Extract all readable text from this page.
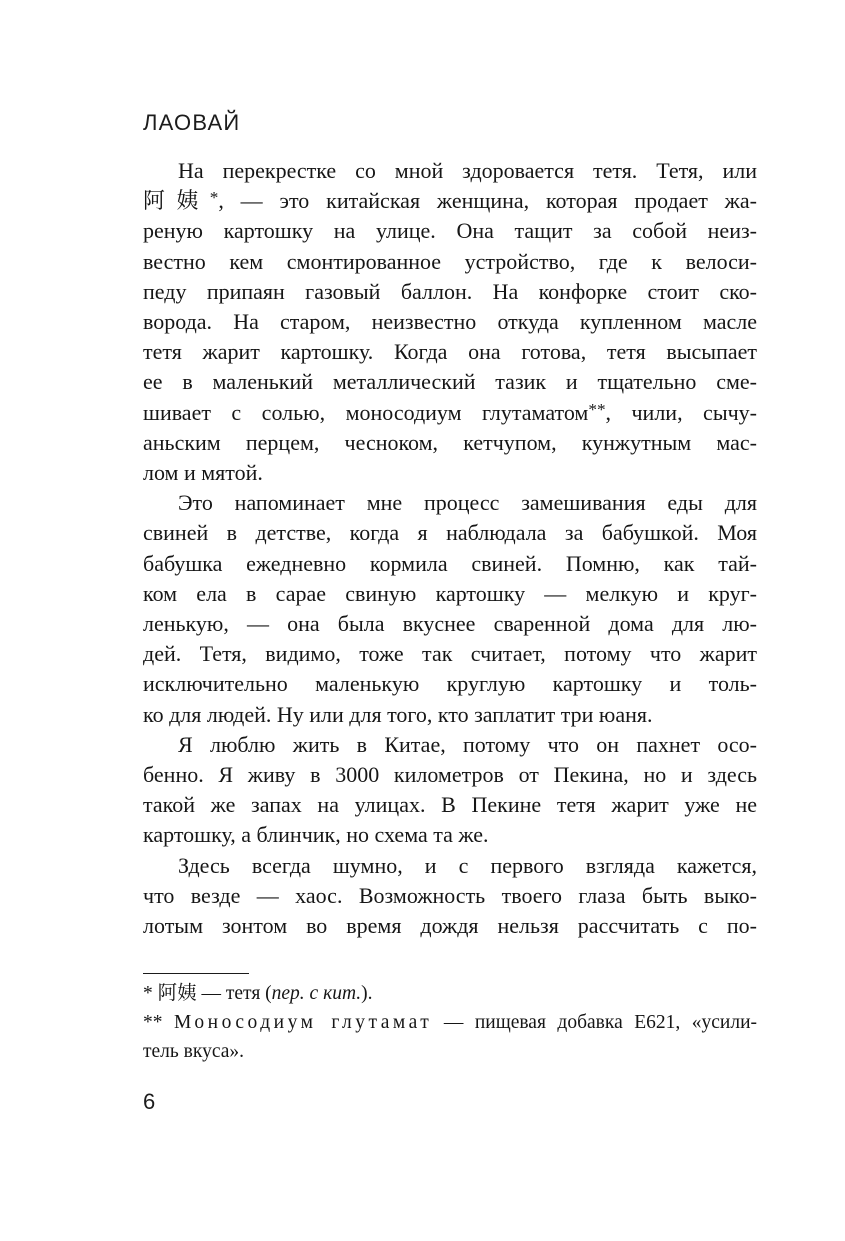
ЛАОВАЙ
На перекрестке со мной здоровается тетя. Тетя, или
阿姨*, — это китайская женщина, которая продает жа-
реную картошку на улице. Она тащит за собой неиз-
вестно кем смонтированное устройство, где к велоси-
педу припаян газовый баллон. На конфорке стоит ско-
ворода. На старом, неизвестно откуда купленном масле
тетя жарит картошку. Когда она готова, тетя высыпает
ее в маленький металлический тазик и тщательно сме-
шивает с солью, моносодиум глутаматом**, чили, сычу-
аньским перцем, чесноком, кетчупом, кунжутным мас-
лом и мятой.
Это напоминает мне процесс замешивания еды для
свиней в детстве, когда я наблюдала за бабушкой. Моя
бабушка ежедневно кормила свиней. Помню, как тай-
ком ела в сарае свиную картошку — мелкую и круг-
ленькую, — она была вкуснее сваренной дома для лю-
дей. Тетя, видимо, тоже так считает, потому что жарит
исключительно маленькую круглую картошку и толь-
ко для людей. Ну или для того, кто заплатит три юаня.
Я люблю жить в Китае, потому что он пахнет осо-
бенно. Я живу в 3000 километров от Пекина, но и здесь
такой же запах на улицах. В Пекине тетя жарит уже не
картошку, а блинчик, но схема та же.
Здесь всегда шумно, и с первого взгляда кажется,
что везде — хаос. Возможность твоего глаза быть выко-
лотым зонтом во время дождя нельзя рассчитать с по-
* 阿姨 — тетя (пер. с кит.).
** Моносодиум глутамат — пищевая добавка Е621, «усили-
тель вкуса».
6
